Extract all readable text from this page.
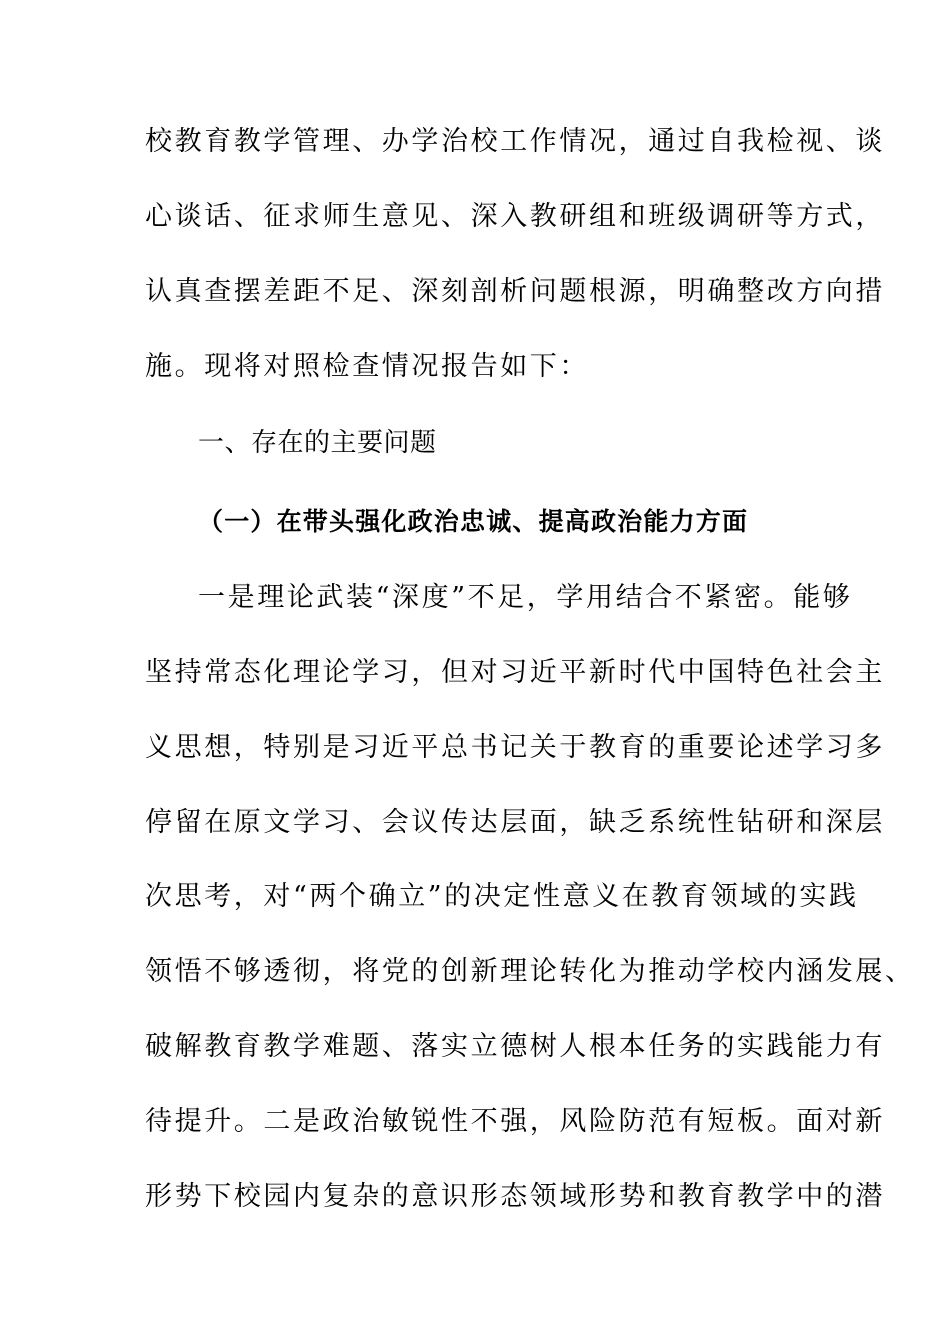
校教育教学管理、办学治校工作情况，通过自我检视、谈
心谈话、征求师生意见、深入教研组和班级调研等方式，
认真查摆差距不足、深刻剖析问题根源，明确整改方向措
施。现将对照检查情况报告如下：
一、存在的主要问题
（一）在带头强化政治忠诚、提高政治能力方面
一是理论武装“深度”不足，学用结合不紧密。能够
坚持常态化理论学习，但对习近平新时代中国特色社会主
义思想，特别是习近平总书记关于教育的重要论述学习多
停留在原文学习、会议传达层面，缺乏系统性钻研和深层
次思考，对“两个确立”的决定性意义在教育领域的实践
领悟不够透彻，将党的创新理论转化为推动学校内涵发展、
破解教育教学难题、落实立德树人根本任务的实践能力有
待提升。二是政治敏锐性不强，风险防范有短板。面对新
形势下校园内复杂的意识形态领域形势和教育教学中的潜
